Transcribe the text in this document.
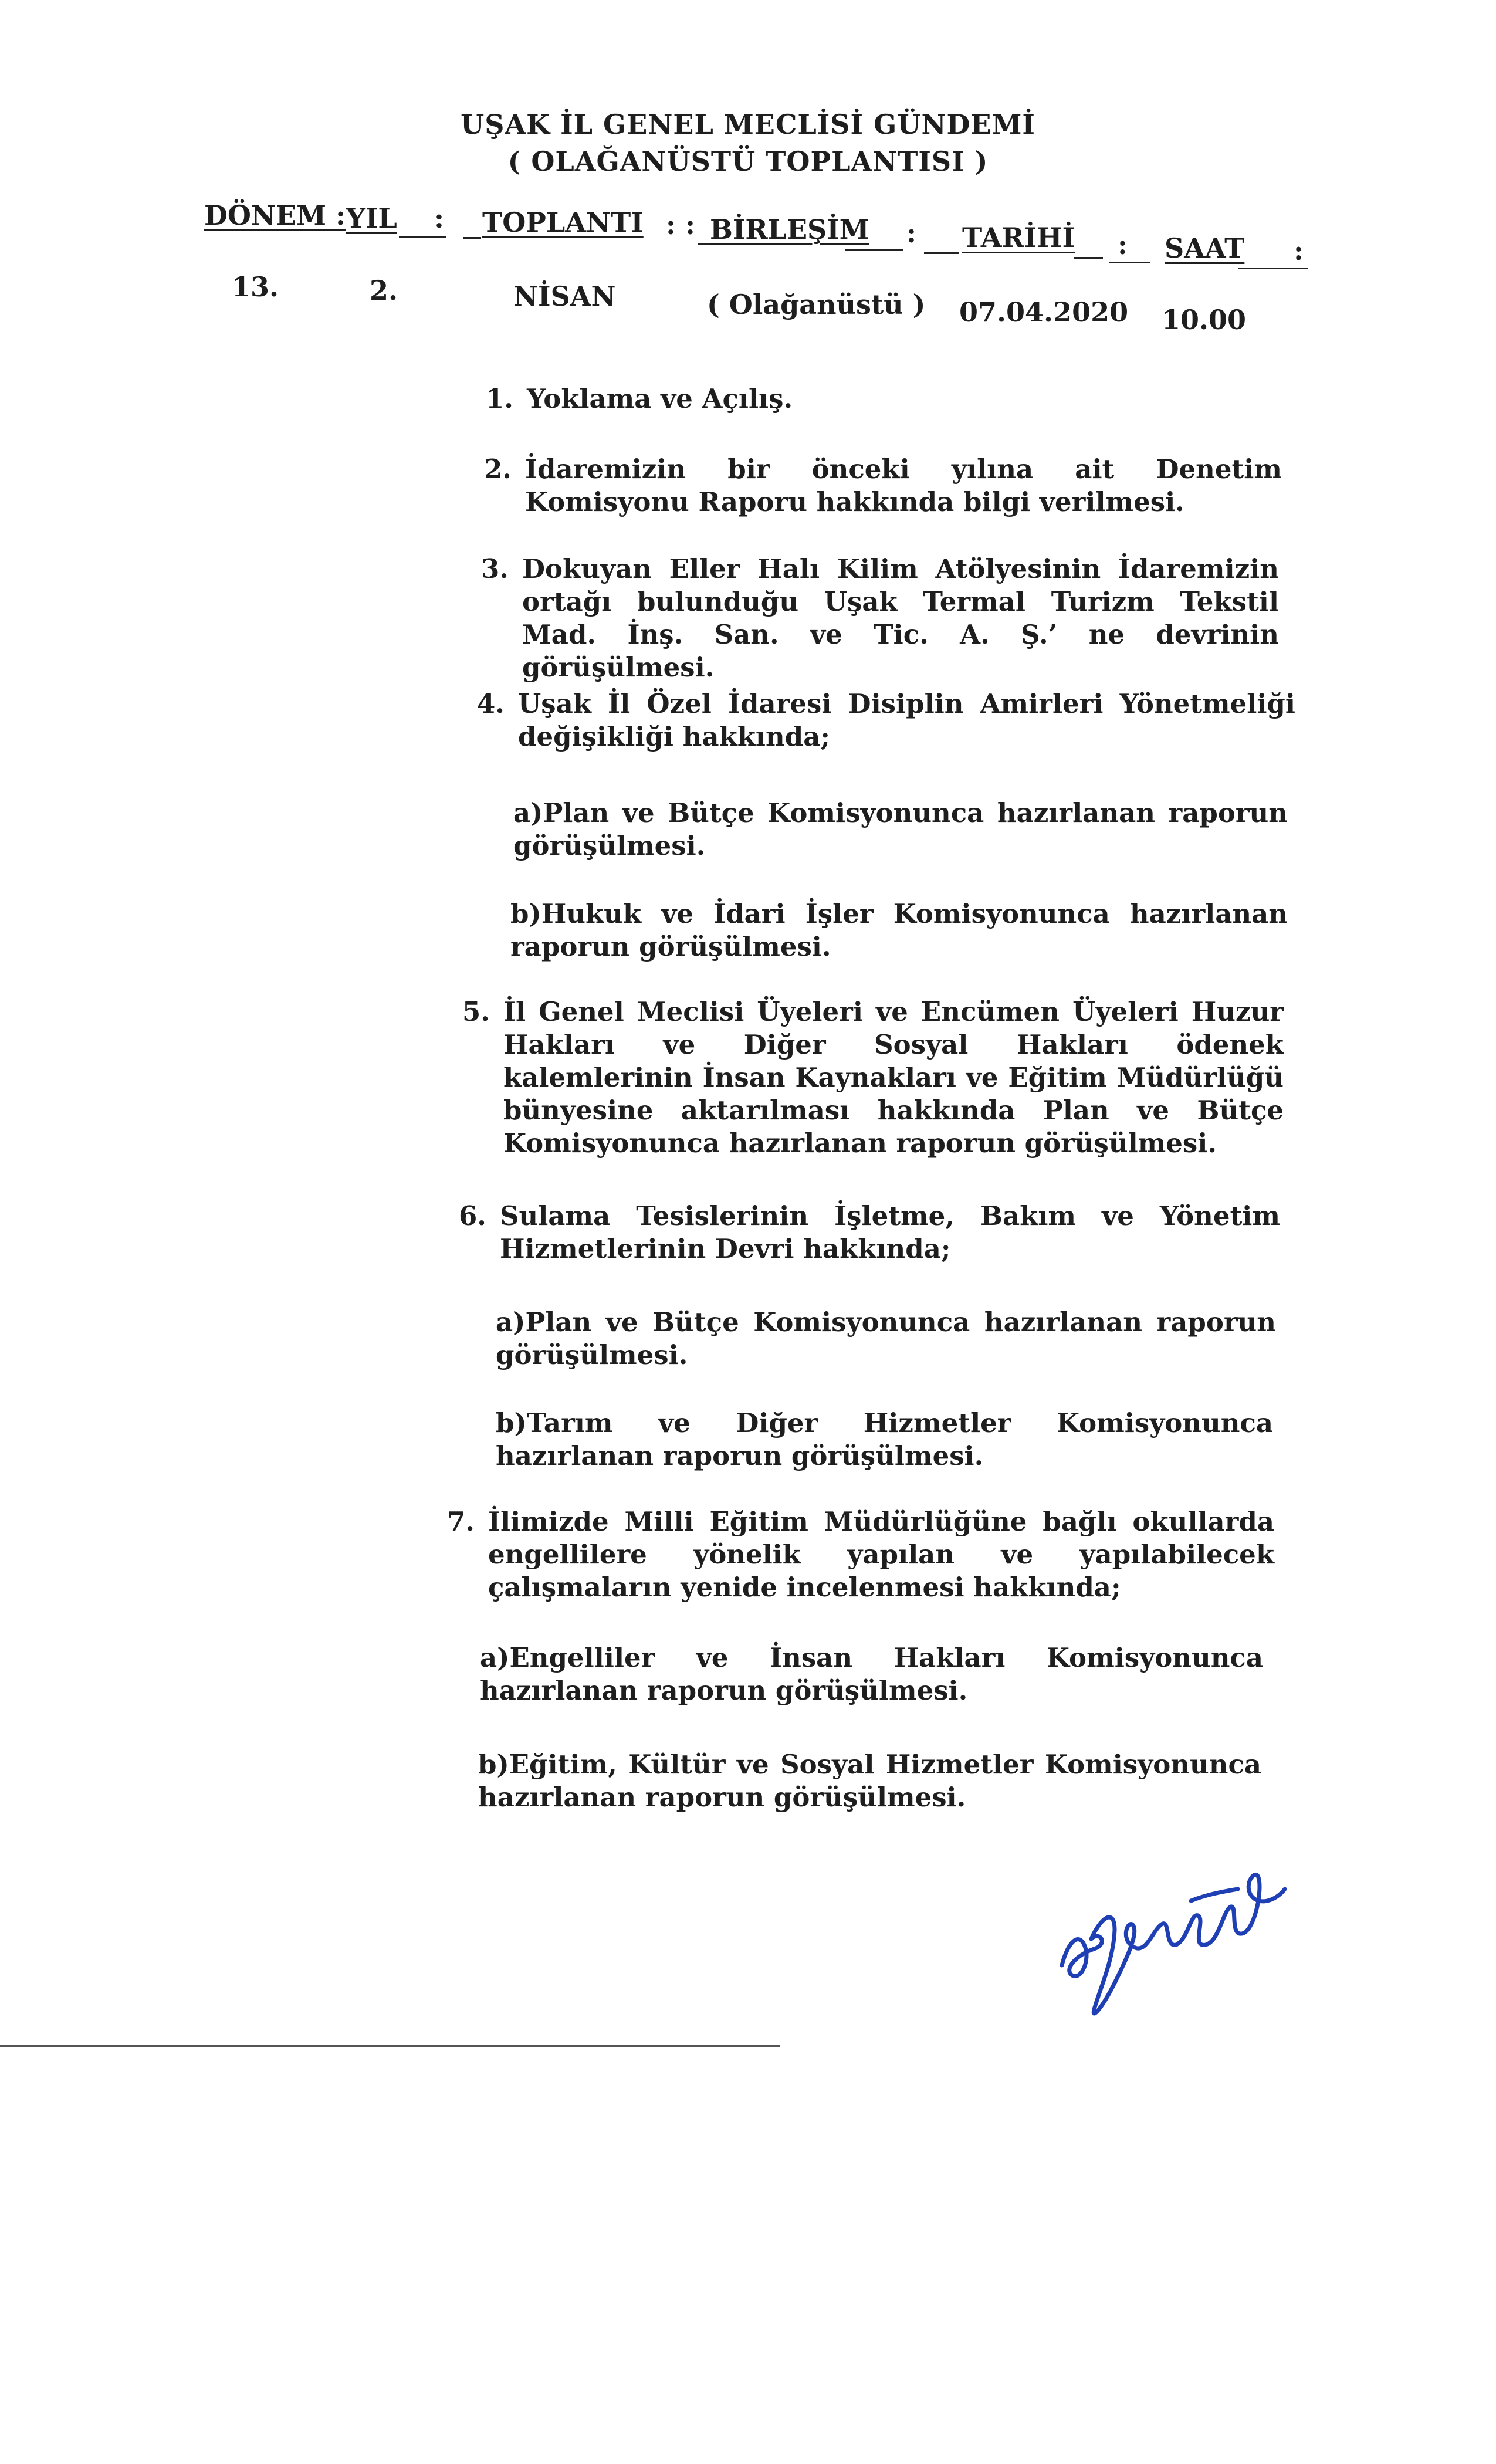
UŞAK İL GENEL MECLİSİ GÜNDEMİ
( OLAĞANÜSTÜ TOPLANTISI )
DÖNEM : YIL : TOPLANTI : : BİRLEŞİM : TARİHİ : SAAT :
13.	2.	NİSAN	( Olağanüstü ) 07.04.2020 10.00
1. Yoklama ve Açılış.
2. İdaremizin bir önceki yılına ait Denetim Komisyonu Raporu hakkında bilgi verilmesi.
3. Dokuyan Eller Halı Kilim Atölyesinin İdaremizin ortağı bulunduğu Uşak Termal Turizm Tekstil Mad. İnş. San. ve Tic. A. Ş.’ ne devrinin görüşülmesi.
4. Uşak İl Özel İdaresi Disiplin Amirleri Yönetmeliği değişikliği hakkında;
a)Plan ve Bütçe Komisyonunca hazırlanan raporun görüşülmesi.
b)Hukuk ve İdari İşler Komisyonunca hazırlanan raporun görüşülmesi.
5. İl Genel Meclisi Üyeleri ve Encümen Üyeleri Huzur Hakları ve Diğer Sosyal Hakları ödenek kalemlerinin İnsan Kaynakları ve Eğitim Müdürlüğü bünyesine aktarılması hakkında Plan ve Bütçe Komisyonunca hazırlanan raporun görüşülmesi.
6. Sulama Tesislerinin İşletme, Bakım ve Yönetim Hizmetlerinin Devri hakkında;
a)Plan ve Bütçe Komisyonunca hazırlanan raporun görüşülmesi.
b)Tarım ve Diğer Hizmetler Komisyonunca hazırlanan raporun görüşülmesi.
7. İlimizde Milli Eğitim Müdürlüğüne bağlı okullarda engellilere yönelik yapılan ve yapılabilecek çalışmaların yenide incelenmesi hakkında;
a)Engelliler ve İnsan Hakları Komisyonunca hazırlanan raporun görüşülmesi.
b)Eğitim, Kültür ve Sosyal Hizmetler Komisyonunca hazırlanan raporun görüşülmesi.
